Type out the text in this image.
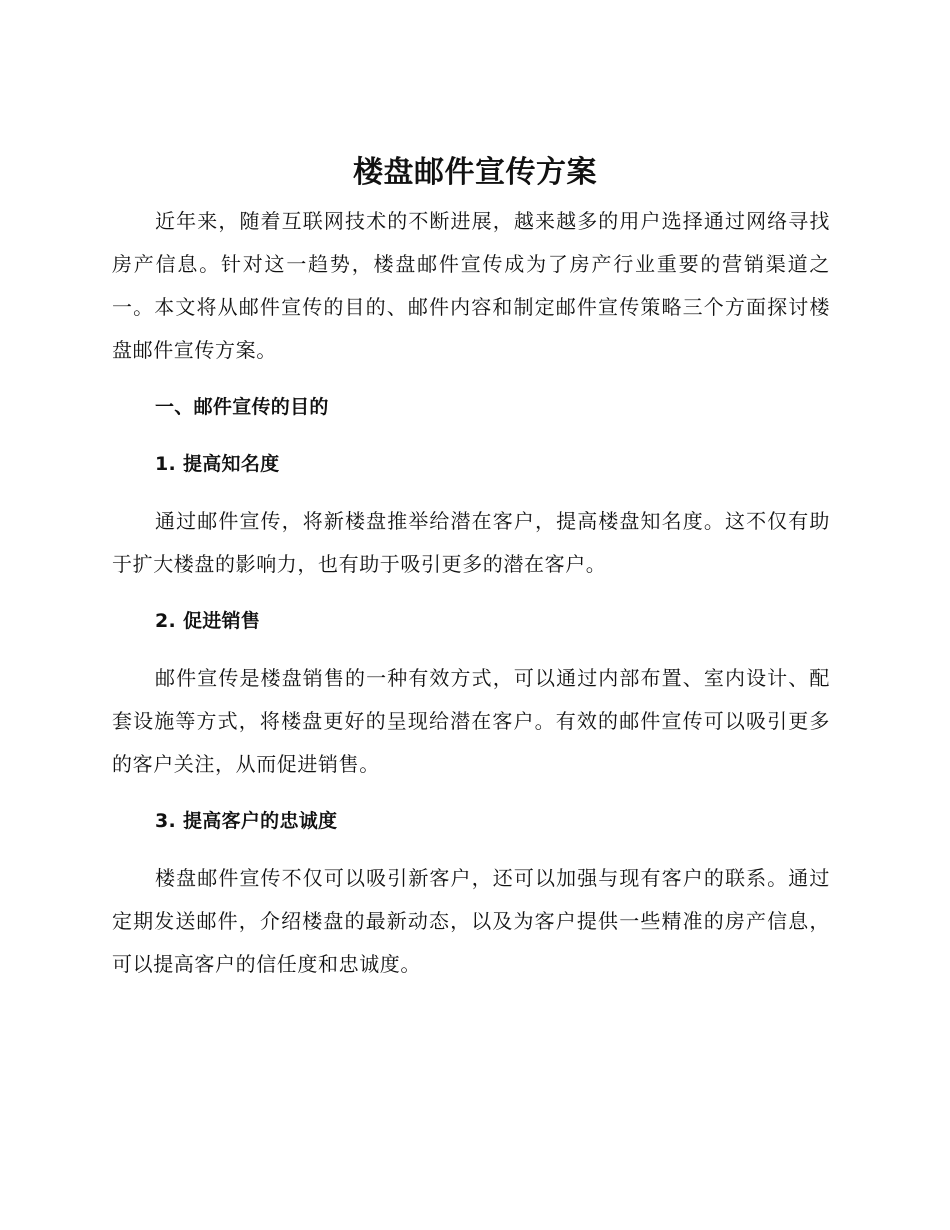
楼盘邮件宣传方案

近年来，随着互联网技术的不断进展，越来越多的用户选择通过网络寻找房产信息。针对这一趋势，楼盘邮件宣传成为了房产行业重要的营销渠道之一。本文将从邮件宣传的目的、邮件内容和制定邮件宣传策略三个方面探讨楼盘邮件宣传方案。

一、邮件宣传的目的
1. 提高知名度

通过邮件宣传，将新楼盘推举给潜在客户，提高楼盘知名度。这不仅有助于扩大楼盘的影响力，也有助于吸引更多的潜在客户。

2. 促进销售

邮件宣传是楼盘销售的一种有效方式，可以通过内部布置、室内设计、配套设施等方式，将楼盘更好的呈现给潜在客户。有效的邮件宣传可以吸引更多的客户关注，从而促进销售。

3. 提高客户的忠诚度

楼盘邮件宣传不仅可以吸引新客户，还可以加强与现有客户的联系。通过定期发送邮件，介绍楼盘的最新动态，以及为客户提供一些精准的房产信息，可以提高客户的信任度和忠诚度。
